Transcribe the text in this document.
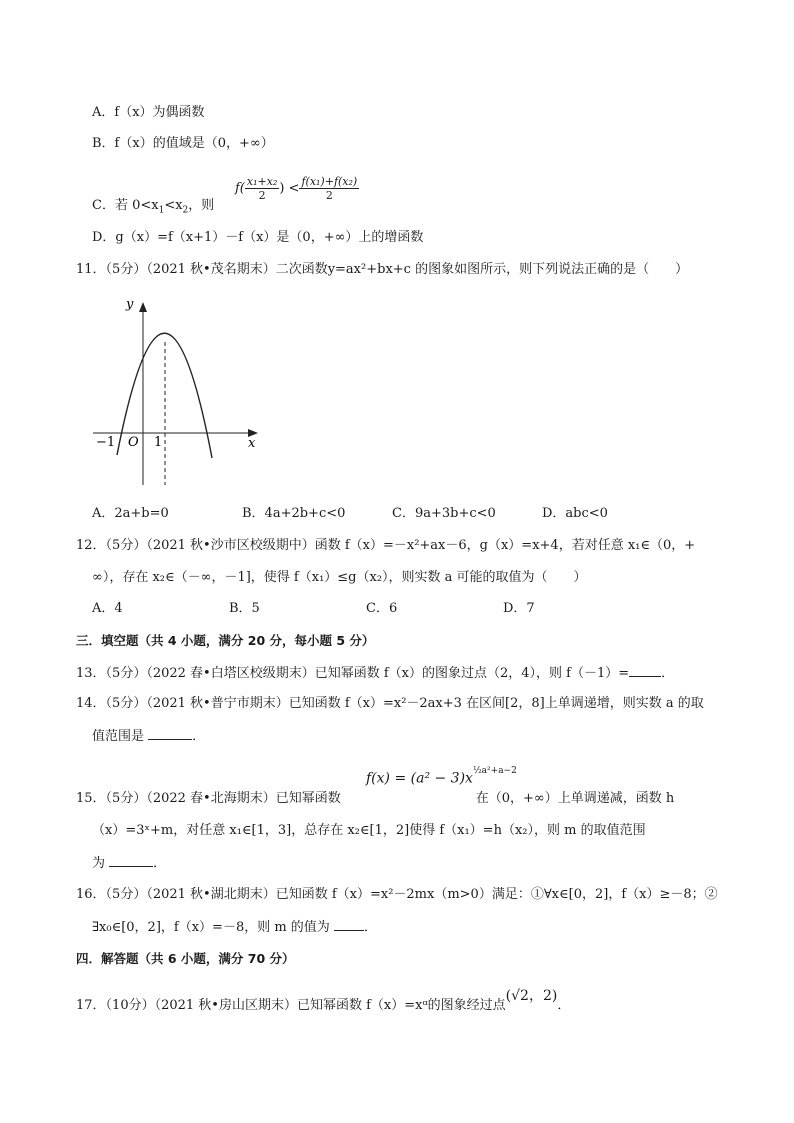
A．f（x）为偶函数
B．f（x）的值域是（0，+∞）
C．若 $0<x_1<x_2$，则
$f( \frac{\text{x₁+x₂}}{2}$ ) < $\frac{\text{f(x₁)+f(x₂)}}{2}$
D．g（x）=f（x+1）－f（x）是（0，+∞）上的增函数
11．（5分）（2021 秋•茂名期末）二次函数y=ax²+bx+c 的图象如图所示，则下列说法正确的是（　　）
y
x
O
−1	1
A．2a+b=0	B．4a+2b+c<0	C．9a+3b+c<0	D．abc<0
12．（5分）（2021 秋•沙市区校级期中）函数 f（x）=－x²+ax－6，g（x）=x+4，若对任意 x₁∈（0，+
∞），存在 x₂∈（－∞，－1]，使得 f（x₁）≤g（x₂），则实数 a 可能的取值为（　　）
A．4	B．5	C．6	D．7
三．填空题（共 4 小题，满分 20 分，每小题 5 分）
13．（5分）（2022 春•白塔区校级期末）已知幂函数 f（x）的图象过点（2，4），则 f（－1）= ．
14．（5分）（2021 秋•普宁市期末）已知函数 f（x）=x²－2ax+3 在区间[2，8]上单调递增，则实数 a 的取
值范围是	．
$f(x) = (a^2 - 3)x^{\frac{1}{2}a^2+a-2}$
15．（5分）（2022 春•北海期末）已知幂函数	在（0，+∞）上单调递减，函数 h
（x）=3ˣ+m，对任意 x₁∈[1，3]，总存在 x₂∈[1，2]使得 f（x₁）=h（x₂），则 m 的取值范围
为	．
16．（5分）（2021 秋•湖北期末）已知函数 f（x）=x²－2mx（m>0）满足：①∀x∈[0，2]，f（x）≥－8；②
∃x₀∈[0，2]，f（x）=－8，则 m 的值为	．
四．解答题（共 6 小题，满分 70 分）
17．（10分）（2021 秋•房山区期末）已知幂函数 f（x）=xᵅ的图象经过点(√2，2)．
